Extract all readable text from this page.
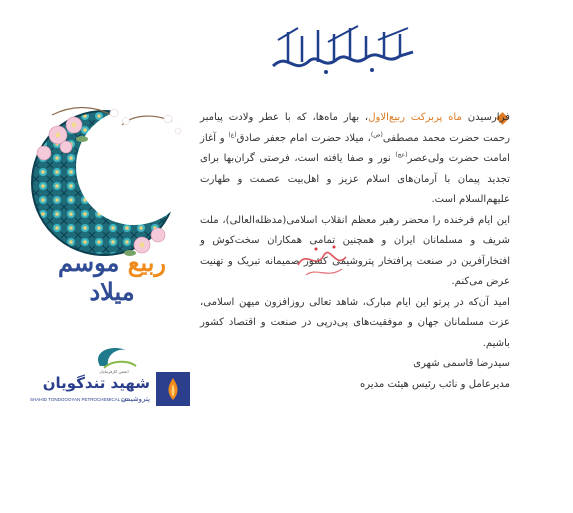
ربیع موسم میلاد
انجمن کارفرمایان
شهید تندگویان
پتروشیمی
SHAHID TONDGOOYAN PETROCHEMICAL CO.

فرارسیدن ماه پربرکت ربیع‌الاول، بهار ماه‌ها، که با عطر ولادت پیامبر رحمت حضرت محمد مصطفی$^{(ص)}$، میلاد حضرت امام جعفر صادق$^{(ع)}$ و آغاز امامت حضرت ولی‌عصر$^{(عج)}$ نور و صفا یافته است، فرصتی گران‌بها برای تجدید پیمان با آرمان‌های اسلام عزیز و اهل‌بیت عصمت و طهارت علیهم‌السلام است.

این ایام فرخنده را محضر رهبر معظم انقلاب اسلامی(مدظله‌العالی)، ملت شریف و مسلمانان ایران و همچنین تمامی همکاران سخت‌کوش و افتخارآفرین در صنعت پرافتخار پتروشیمی کشور صمیمانه تبریک و تهنیت عرض می‌کنم.

امید آن‌که در پرتو این ایام مبارک، شاهد تعالی روزافزون میهن اسلامی، عزت مسلمانان جهان و موفقیت‌های پی‌درپی در صنعت و اقتصاد کشور باشیم.

سیدرضا قاسمی شهری

مدیرعامل و نائب رئیس هیئت مدیره
